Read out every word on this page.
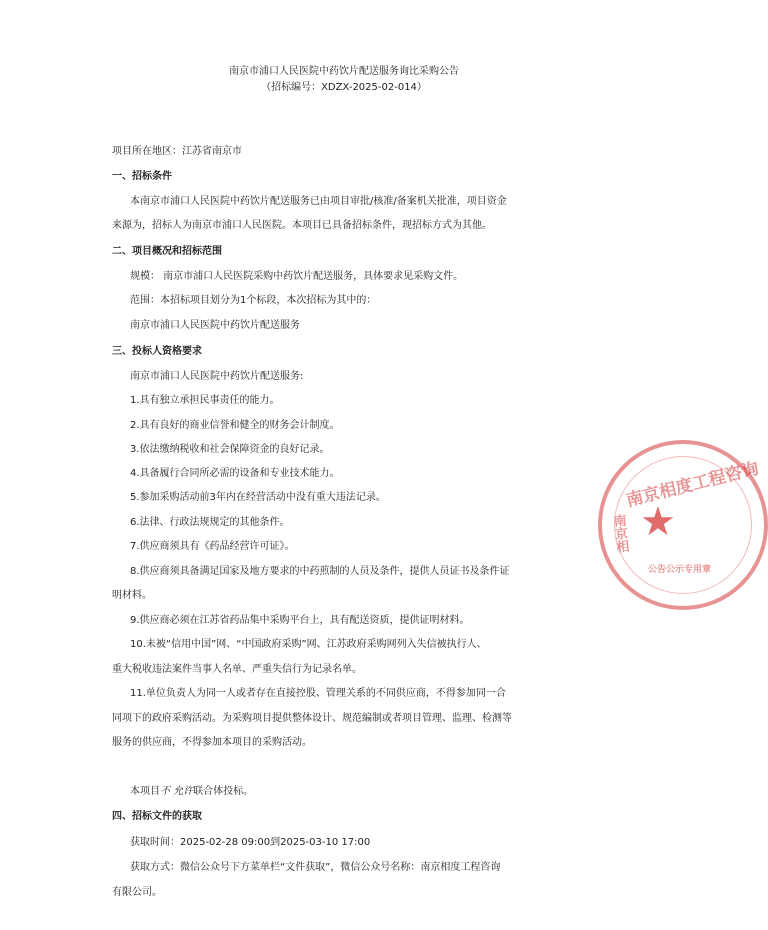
南京市浦口人民医院中药饮片配送服务询比采购公告
（招标编号：XDZX-2025-02-014）
项目所在地区：江苏省南京市
一、招标条件
本南京市浦口人民医院中药饮片配送服务已由项目审批/核准/备案机关批准，项目资金
来源为，招标人为南京市浦口人民医院。本项目已具备招标条件，现招标方式为其他。
二、项目概况和招标范围
规模： 南京市浦口人民医院采购中药饮片配送服务，具体要求见采购文件。
范围：本招标项目划分为1个标段，本次招标为其中的：
南京市浦口人民医院中药饮片配送服务
三、投标人资格要求
南京市浦口人民医院中药饮片配送服务:
1.具有独立承担民事责任的能力。
2.具有良好的商业信誉和健全的财务会计制度。
3.依法缴纳税收和社会保障资金的良好记录。
4.具备履行合同所必需的设备和专业技术能力。
5.参加采购活动前3年内在经营活动中没有重大违法记录。
6.法律、行政法规规定的其他条件。
7.供应商须具有《药品经营许可证》。
8.供应商须具备满足国家及地方要求的中药煎制的人员及条件，提供人员证书及条件证
明材料。
9.供应商必须在江苏省药品集中采购平台上，具有配送资质，提供证明材料。
10.未被“信用中国”网、“中国政府采购”网、江苏政府采购网列入失信被执行人、
重大税收违法案件当事人名单、严重失信行为记录名单。
11.单位负责人为同一人或者存在直接控股、管理关系的不同供应商，不得参加同一合
同项下的政府采购活动。为采购项目提供整体设计、规范编制或者项目管理、监理、检测等
服务的供应商，不得参加本项目的采购活动。
本项目不 允许联合体投标。
四、招标文件的获取
获取时间：2025-02-28 09:00到2025-03-10 17:00
获取方式：微信公众号下方菜单栏“文件获取”，微信公众号名称：南京相度工程咨询
有限公司。
南京相度工程咨询
南京相 ★
公告公示专用章
